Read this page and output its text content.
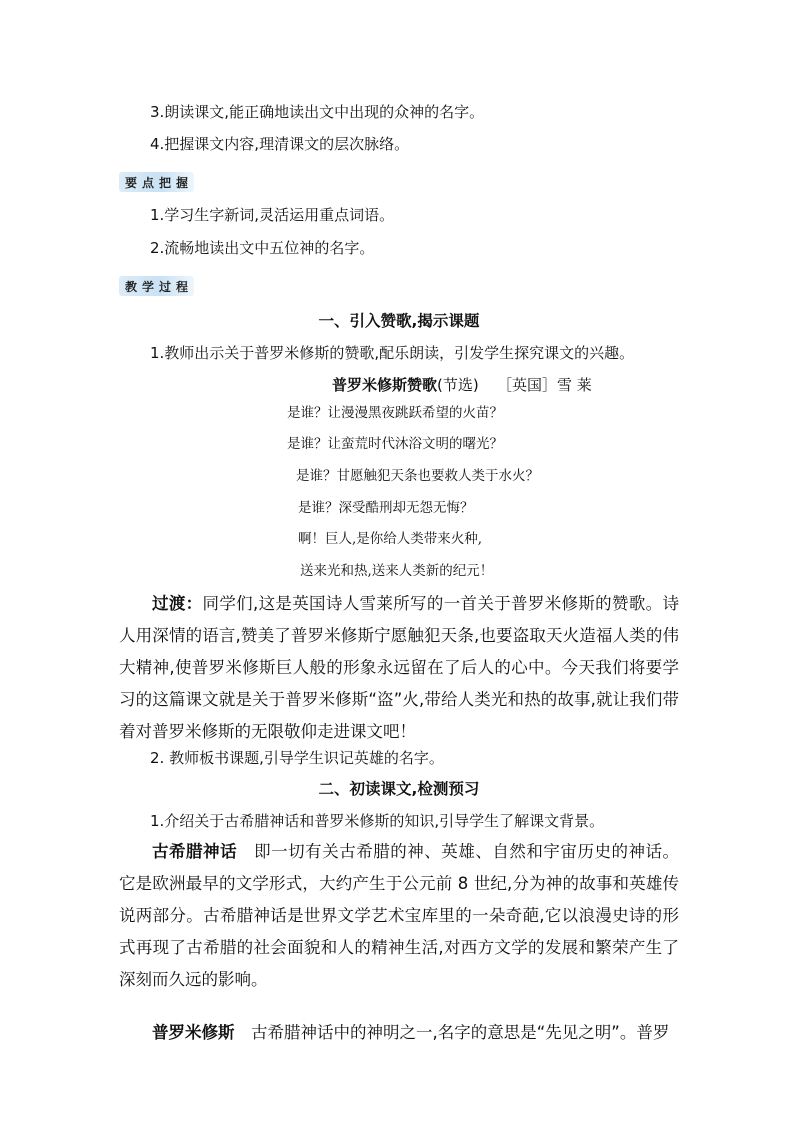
3.朗读课文,能正确地读出文中出现的众神的名字。
4.把握课文内容,理清课文的层次脉络。
要 点 把 握
1.学习生字新词,灵活运用重点词语。
2.流畅地读出文中五位神的名字。
教 学 过 程
一、引入赞歌,揭示课题
1.教师出示关于普罗米修斯的赞歌,配乐朗读，引发学生探究课文的兴趣。
普罗米修斯赞歌(节选) ［英国］雪 莱
是谁？让漫漫黑夜跳跃希望的火苗？
是谁？让蛮荒时代沐浴文明的曙光？
是谁？甘愿触犯天条也要救人类于水火？
是谁？深受酷刑却无怨无悔？
啊！巨人,是你给人类带来火种,
送来光和热,送来人类新的纪元！
过渡：同学们,这是英国诗人雪莱所写的一首关于普罗米修斯的赞歌。诗人用深情的语言,赞美了普罗米修斯宁愿触犯天条,也要盗取天火造福人类的伟大精神,使普罗米修斯巨人般的形象永远留在了后人的心中。今天我们将要学习的这篇课文就是关于普罗米修斯“盗”火,带给人类光和热的故事,就让我们带着对普罗米修斯的无限敬仰走进课文吧！
2. 教师板书课题,引导学生识记英雄的名字。
二、初读课文,检测预习
1.介绍关于古希腊神话和普罗米修斯的知识,引导学生了解课文背景。
古希腊神话　 即一切有关古希腊的神、英雄、自然和宇宙历史的神话。它是欧洲最早的文学形式，大约产生于公元前 8 世纪,分为神的故事和英雄传说两部分。古希腊神话是世界文学艺术宝库里的一朵奇葩,它以浪漫史诗的形式再现了古希腊的社会面貌和人的精神生活,对西方文学的发展和繁荣产生了深刻而久远的影响。
普罗米修斯　 古希腊神话中的神明之一,名字的意思是“先见之明”。普罗
